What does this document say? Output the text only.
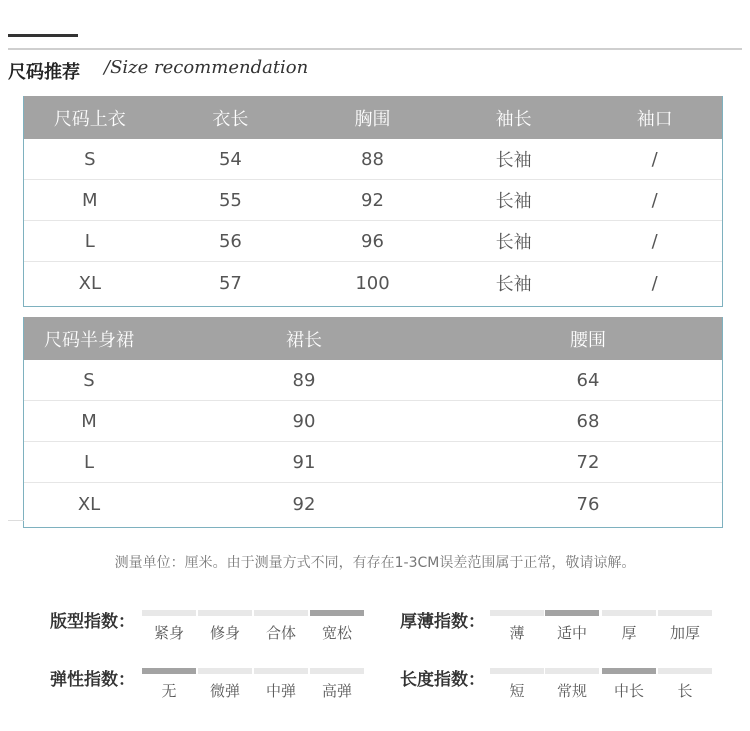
尺码推荐 /Size recommendation
尺码上衣	衣长	胸围	袖长	袖口
S	54	88	长袖	/
M	55	92	长袖	/
L	56	96	长袖	/
XL	57	100	长袖	/
尺码半身裙	裙长	腰围
S	89	64
M	90	68
L	91	72
XL	92	76
测量单位：厘米。由于测量方式不同，有存在1-3CM误差范围属于正常，敬请谅解。
版型指数：
紧身	修身	合体	宽松
厚薄指数：
薄	适中	厚	加厚
弹性指数：
无	微弹	中弹	高弹
长度指数：
短	常规	中长	长
